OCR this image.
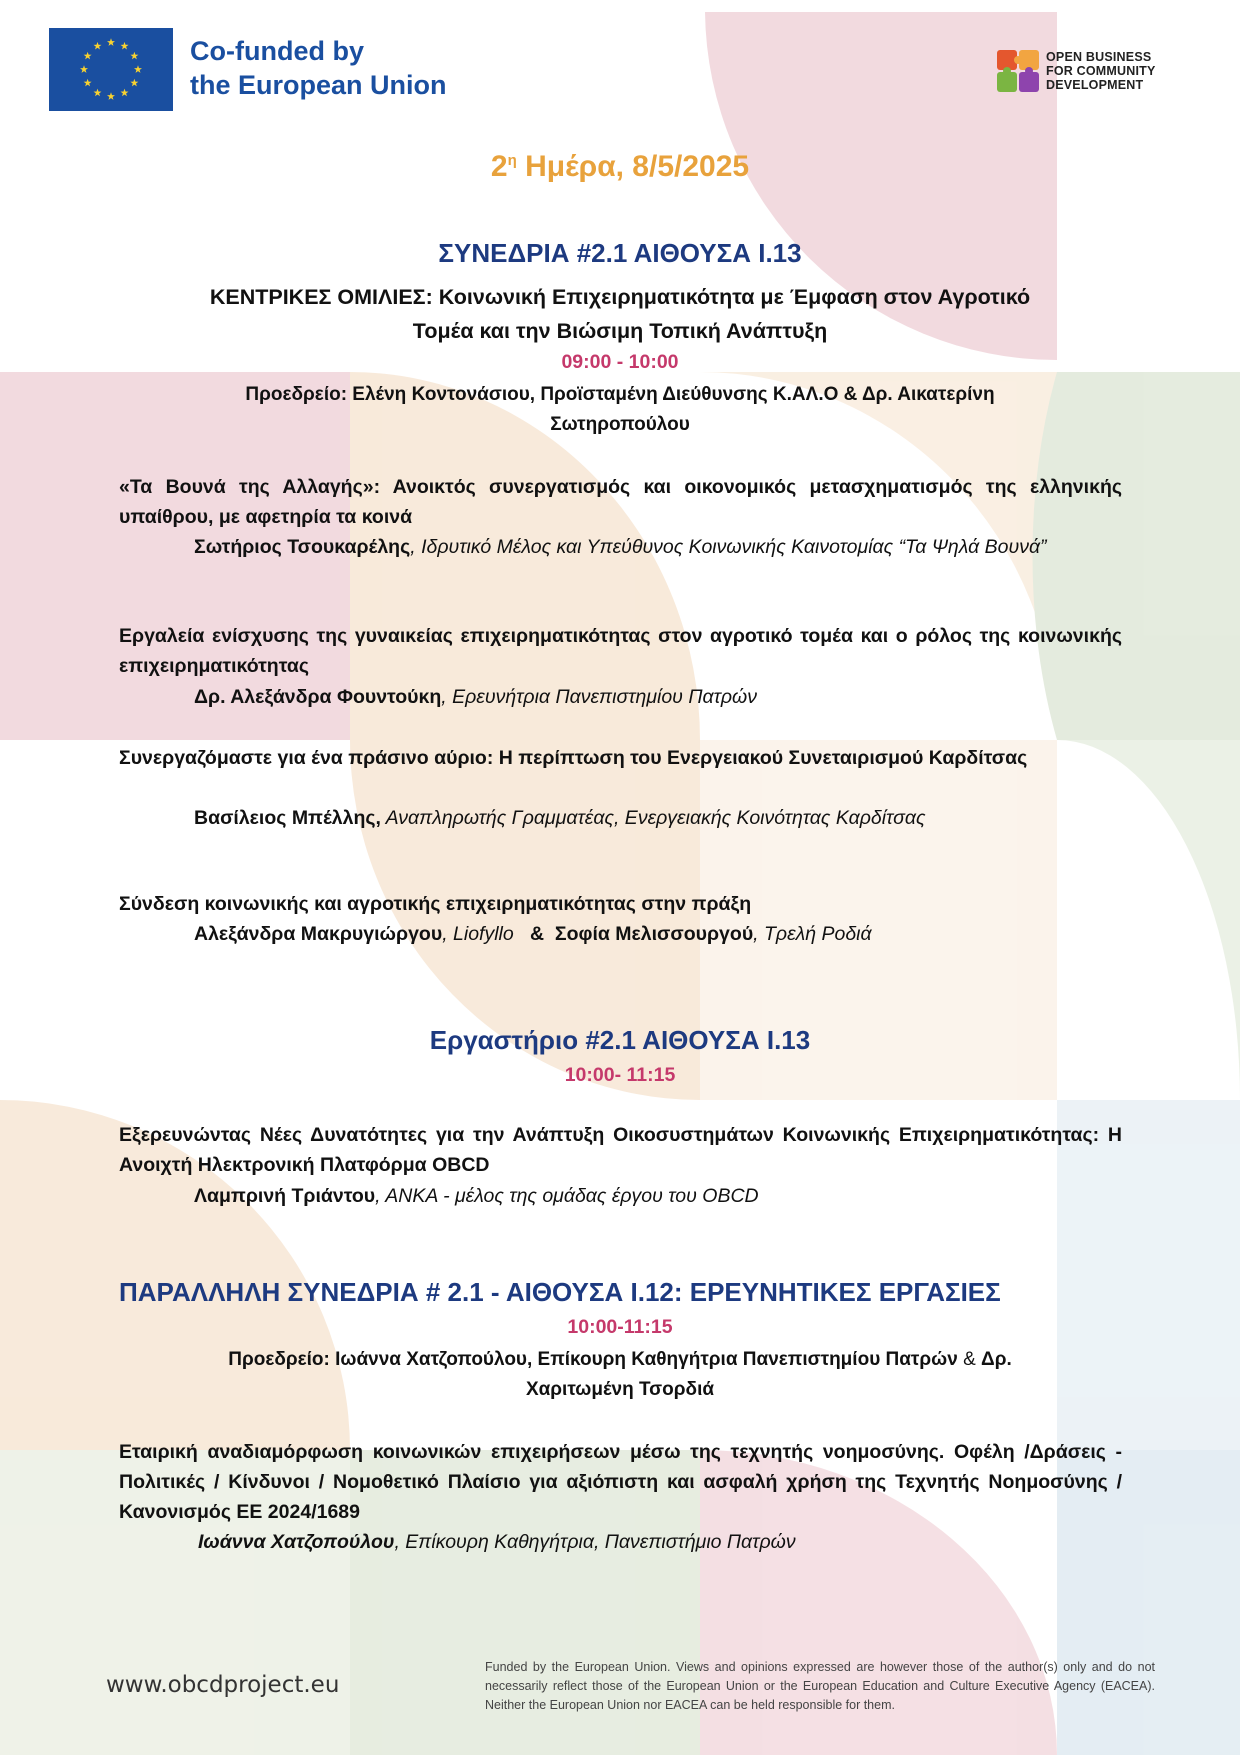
Co-funded by
the European Union
OPEN BUSINESS
FOR COMMUNITY
DEVELOPMENT
$2^\eta$ Ημέρα, 8/5/2025
ΣΥΝΕΔΡΙΑ #2.1 ΑΙΘΟΥΣΑ Ι.13
ΚΕΝΤΡΙΚΕΣ ΟΜΙΛΙΕΣ: Κοινωνική Επιχειρηματικότητα με Έμφαση στον Αγροτικό
Τομέα και την Βιώσιμη Τοπική Ανάπτυξη
09:00 - 10:00
Προεδρείο: Ελένη Κοντονάσιου, Προϊσταμένη Διεύθυνσης Κ.ΑΛ.Ο & Δρ. Αικατερίνη
Σωτηροπούλου
«Τα Βουνά της Αλλαγής»: Ανοικτός συνεργατισμός και οικονομικός μετασχηματισμός της ελληνικής υπαίθρου, με αφετηρία τα κοινά
Σωτήριος Τσουκαρέλης, Ιδρυτικό Μέλος και Υπεύθυνος Κοινωνικής Καινοτομίας “Τα Ψηλά Βουνά”
Εργαλεία ενίσχυσης της γυναικείας επιχειρηματικότητας στον αγροτικό τομέα και ο ρόλος της κοινωνικής επιχειρηματικότητας
Δρ. Αλεξάνδρα Φουντούκη, Ερευνήτρια Πανεπιστημίου Πατρών
Συνεργαζόμαστε για ένα πράσινο αύριο: Η περίπτωση του Ενεργειακού Συνεταιρισμού Καρδίτσας
Βασίλειος Μπέλλης, Αναπληρωτής Γραμματέας, Ενεργειακής Κοινότητας Καρδίτσας
Σύνδεση κοινωνικής και αγροτικής επιχειρηματικότητας στην πράξη
Αλεξάνδρα Μακρυγιώργου, Liofyllo   &  Σοφία Μελισσουργού, Τρελή Ροδιά
Εργαστήριο #2.1 ΑΙΘΟΥΣΑ Ι.13
10:00- 11:15
Εξερευνώντας Νέες Δυνατότητες για την Ανάπτυξη Οικοσυστημάτων Κοινωνικής Επιχειρηματικότητας: Η Ανοιχτή Ηλεκτρονική Πλατφόρμα OBCD
Λαμπρινή Τριάντου, ΑΝΚΑ - μέλος της ομάδας έργου του OBCD
ΠΑΡΑΛΛΗΛΗ ΣΥΝΕΔΡΙΑ # 2.1 - ΑΙΘΟΥΣΑ Ι.12: ΕΡΕΥΝΗΤΙΚΕΣ ΕΡΓΑΣΙΕΣ
10:00-11:15
Προεδρείο: Ιωάννα Χατζοπούλου, Επίκουρη Καθηγήτρια Πανεπιστημίου Πατρών & Δρ.
Χαριτωμένη Τσορδιά
Εταιρική αναδιαμόρφωση κοινωνικών επιχειρήσεων μέσω της τεχνητής νοημοσύνης. Οφέλη /Δράσεις - Πολιτικές / Κίνδυνοι / Νομοθετικό Πλαίσιο για αξιόπιστη και ασφαλή χρήση της Τεχνητής Νοημοσύνης / Κανονισμός ΕΕ 2024/1689
Ιωάννα Χατζοπούλου, Επίκουρη Καθηγήτρια, Πανεπιστήμιο Πατρών
www.obcdproject.eu
Funded by the European Union. Views and opinions expressed are however those of the author(s) only and do not necessarily reflect those of the European Union or the European Education and Culture Executive Agency (EACEA). Neither the European Union nor EACEA can be held responsible for them.
